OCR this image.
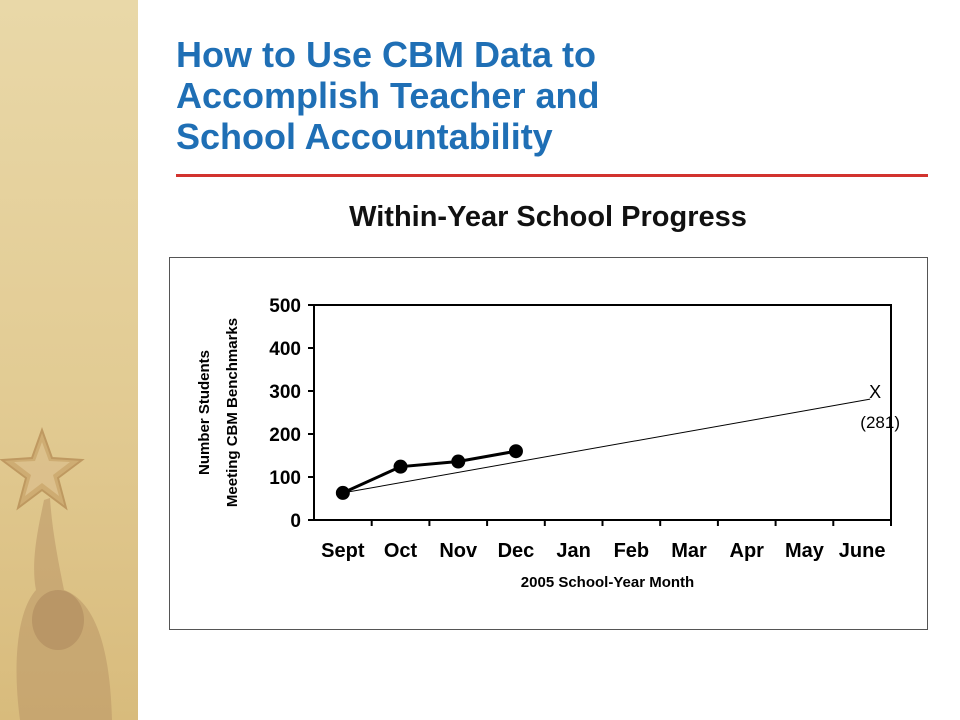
How to Use CBM Data to
Accomplish Teacher and
School Accountability
Within-Year School Progress
0
100
200
300
400
500
Sept Oct Nov Dec Jan Feb Mar Apr May June
2005 School-Year Month
Number Students Meeting CBM Benchmarks	X
(281)
